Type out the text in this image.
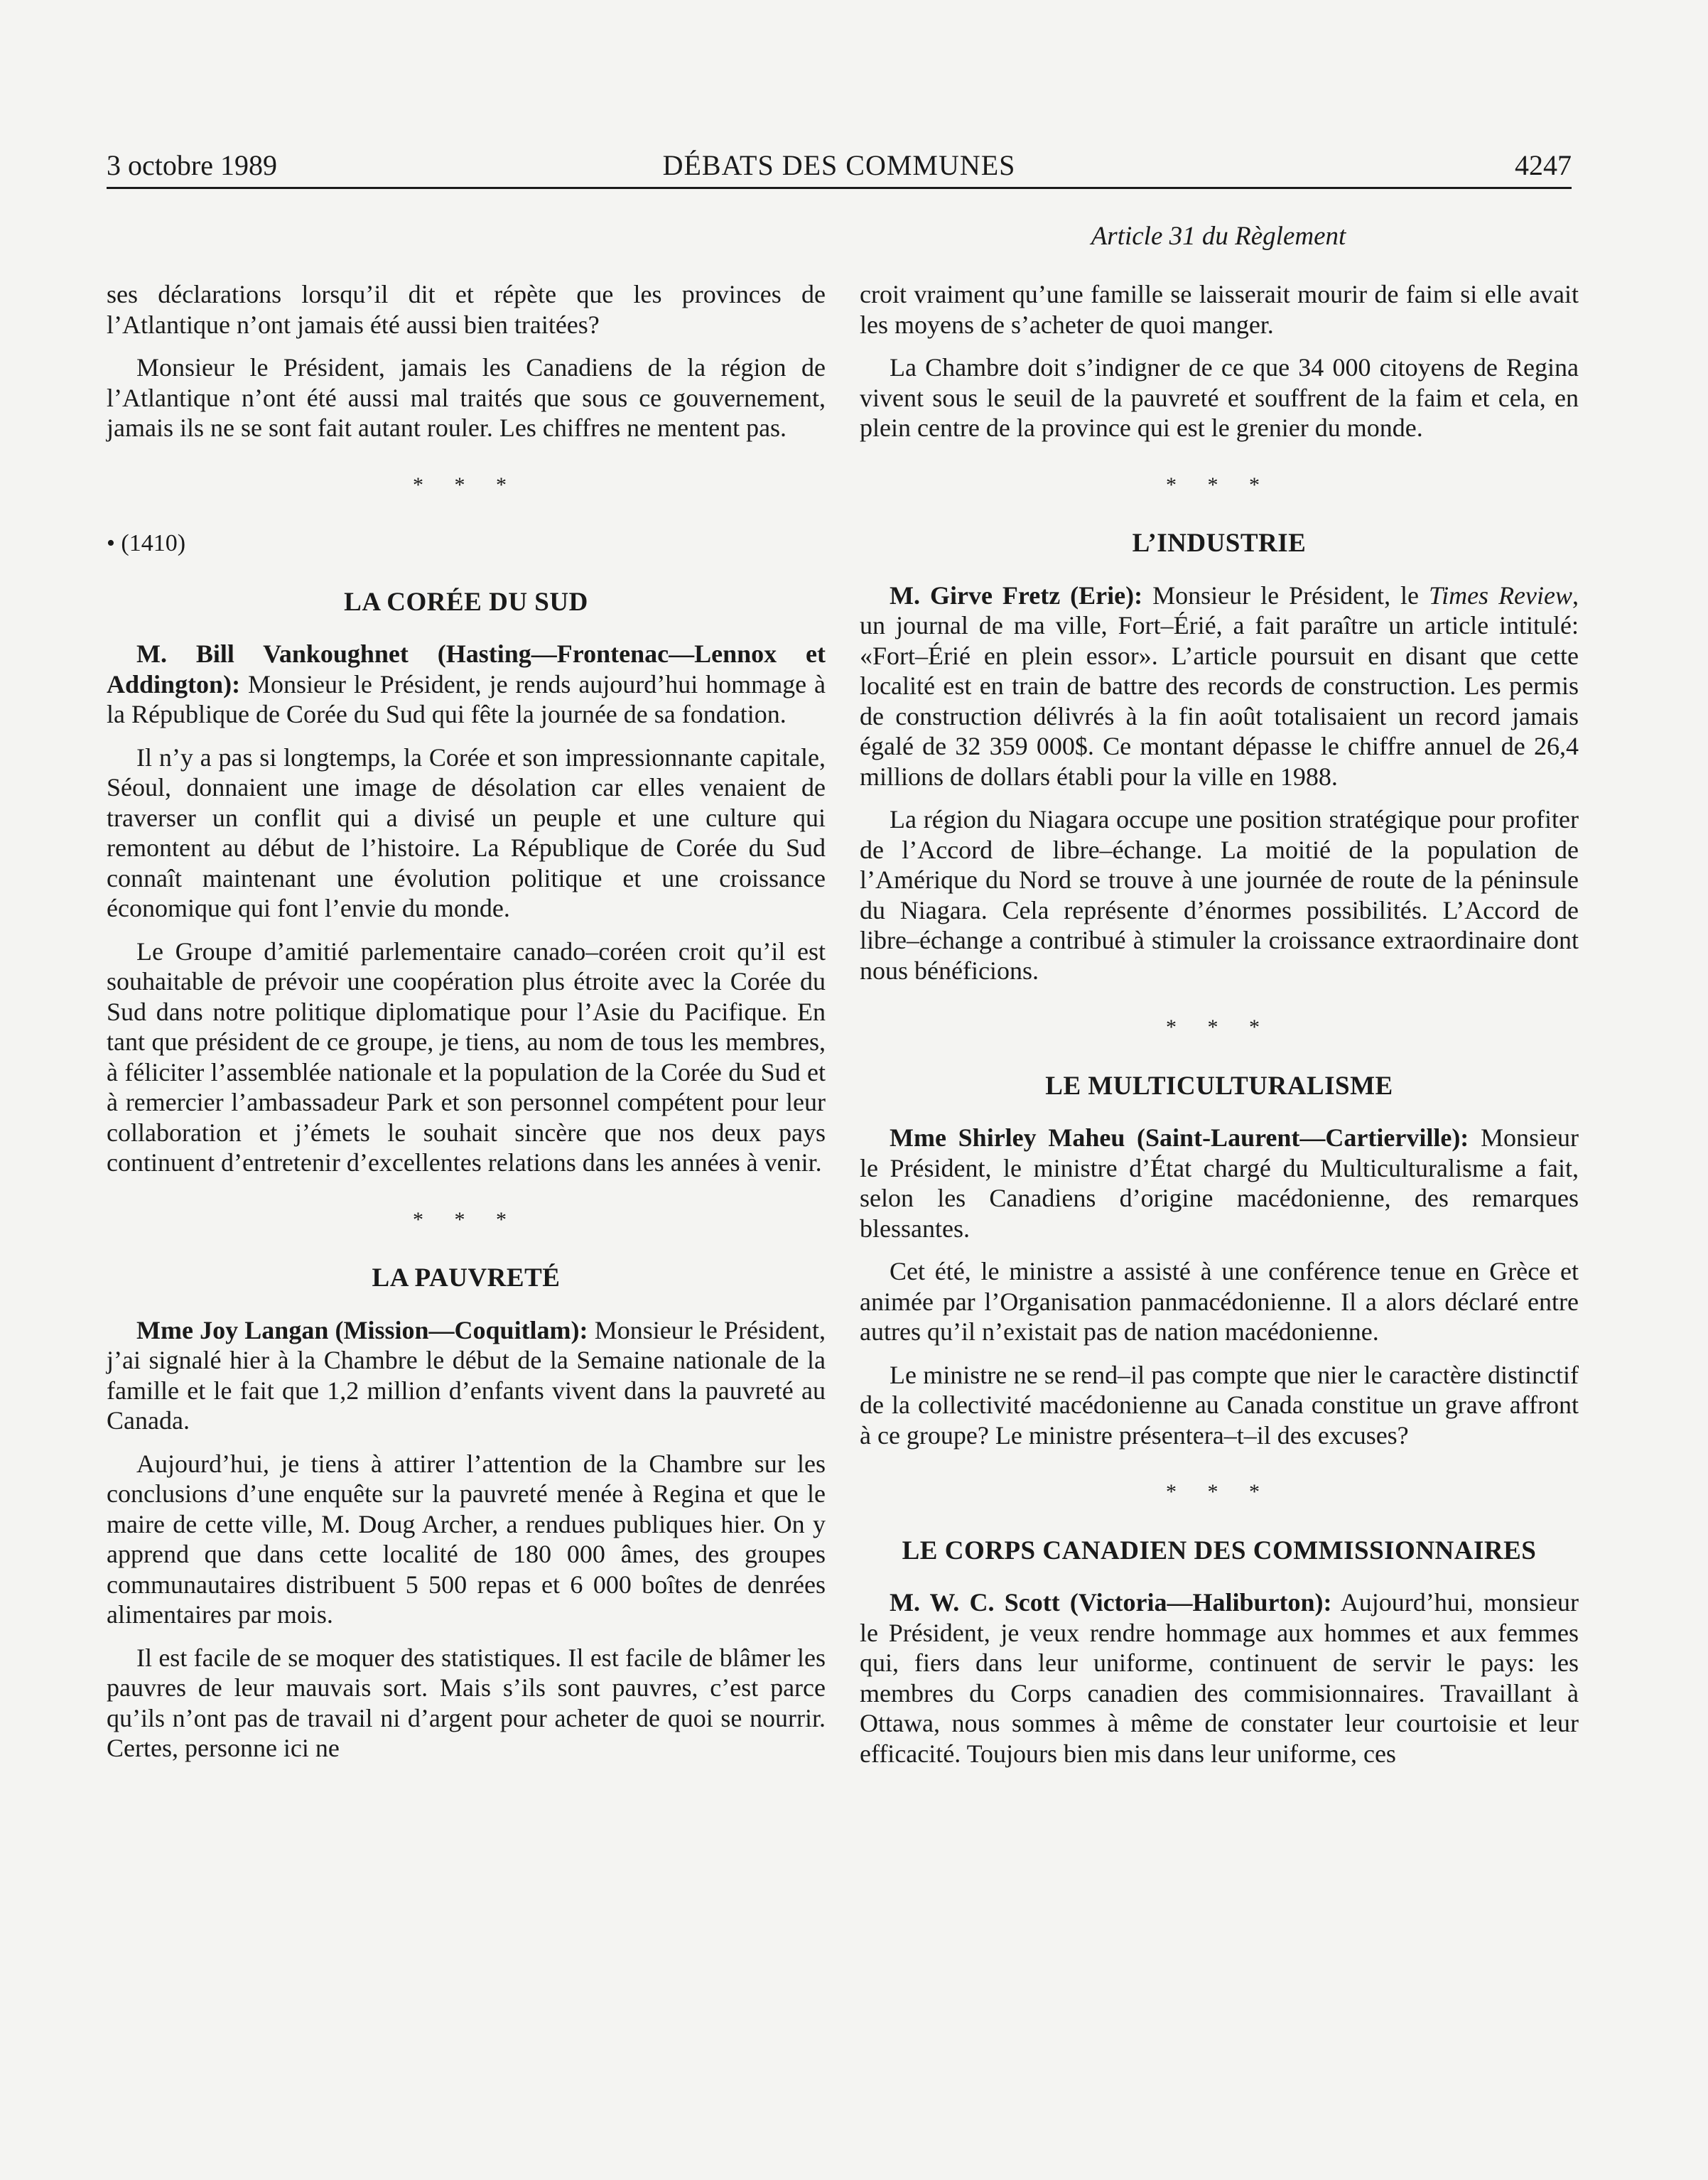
3 octobre 1989	DÉBATS DES COMMUNES	4247
Article 31 du Règlement

ses déclarations lorsqu’il dit et répète que les provinces de l’Atlantique n’ont jamais été aussi bien traitées?

Monsieur le Président, jamais les Canadiens de la région de l’Atlantique n’ont été aussi mal traités que sous ce gouvernement, jamais ils ne se sont fait autant rouler. Les chiffres ne mentent pas.

* * *
• (1410)
LA CORÉE DU SUD

M. Bill Vankoughnet (Hasting—Frontenac—Lennox et Addington): Monsieur le Président, je rends aujourd’hui hommage à la République de Corée du Sud qui fête la journée de sa fondation.

Il n’y a pas si longtemps, la Corée et son impressionnante capitale, Séoul, donnaient une image de désolation car elles venaient de traverser un conflit qui a divisé un peuple et une culture qui remontent au début de l’histoire. La République de Corée du Sud connaît maintenant une évolution politique et une croissance économique qui font l’envie du monde.

Le Groupe d’amitié parlementaire canado–coréen croit qu’il est souhaitable de prévoir une coopération plus étroite avec la Corée du Sud dans notre politique diplomatique pour l’Asie du Pacifique. En tant que président de ce groupe, je tiens, au nom de tous les membres, à féliciter l’assemblée nationale et la population de la Corée du Sud et à remercier l’ambassadeur Park et son personnel compétent pour leur collaboration et j’émets le souhait sincère que nos deux pays continuent d’entretenir d’excellentes relations dans les années à venir.

* * *
LA PAUVRETÉ

Mme Joy Langan (Mission—Coquitlam): Monsieur le Président, j’ai signalé hier à la Chambre le début de la Semaine nationale de la famille et le fait que 1,2 million d’enfants vivent dans la pauvreté au Canada.

Aujourd’hui, je tiens à attirer l’attention de la Chambre sur les conclusions d’une enquête sur la pauvreté menée à Regina et que le maire de cette ville, M. Doug Archer, a rendues publiques hier. On y apprend que dans cette localité de 180 000 âmes, des groupes communautaires distribuent 5 500 repas et 6 000 boîtes de denrées alimentaires par mois.

Il est facile de se moquer des statistiques. Il est facile de blâmer les pauvres de leur mauvais sort. Mais s’ils sont pauvres, c’est parce qu’ils n’ont pas de travail ni d’argent pour acheter de quoi se nourrir. Certes, personne ici ne

croit vraiment qu’une famille se laisserait mourir de faim si elle avait les moyens de s’acheter de quoi manger.

La Chambre doit s’indigner de ce que 34 000 citoyens de Regina vivent sous le seuil de la pauvreté et souffrent de la faim et cela, en plein centre de la province qui est le grenier du monde.

* * *
L’INDUSTRIE

M. Girve Fretz (Erie): Monsieur le Président, le Times Review, un journal de ma ville, Fort–Érié, a fait paraître un article intitulé: «Fort–Érié en plein essor». L’article poursuit en disant que cette localité est en train de battre des records de construction. Les permis de construction délivrés à la fin août totalisaient un record jamais égalé de 32 359 000$. Ce montant dépasse le chiffre annuel de 26,4 millions de dollars établi pour la ville en 1988.

La région du Niagara occupe une position stratégique pour profiter de l’Accord de libre–échange. La moitié de la population de l’Amérique du Nord se trouve à une journée de route de la péninsule du Niagara. Cela représente d’énormes possibilités. L’Accord de libre–échange a contribué à stimuler la croissance extraordinaire dont nous bénéficions.

* * *
LE MULTICULTURALISME

Mme Shirley Maheu (Saint-Laurent—Cartierville): Monsieur le Président, le ministre d’État chargé du Multiculturalisme a fait, selon les Canadiens d’origine macédonienne, des remarques blessantes.

Cet été, le ministre a assisté à une conférence tenue en Grèce et animée par l’Organisation panmacédonienne. Il a alors déclaré entre autres qu’il n’existait pas de nation macédonienne.

Le ministre ne se rend–il pas compte que nier le caractère distinctif de la collectivité macédonienne au Canada constitue un grave affront à ce groupe? Le ministre présentera–t–il des excuses?

* * *
LE CORPS CANADIEN DES COMMISSIONNAIRES

M. W. C. Scott (Victoria—Haliburton): Aujourd’hui, monsieur le Président, je veux rendre hommage aux hommes et aux femmes qui, fiers dans leur uniforme, continuent de servir le pays: les membres du Corps canadien des commisionnaires. Travaillant à Ottawa, nous sommes à même de constater leur courtoisie et leur efficacité. Toujours bien mis dans leur uniforme, ces
